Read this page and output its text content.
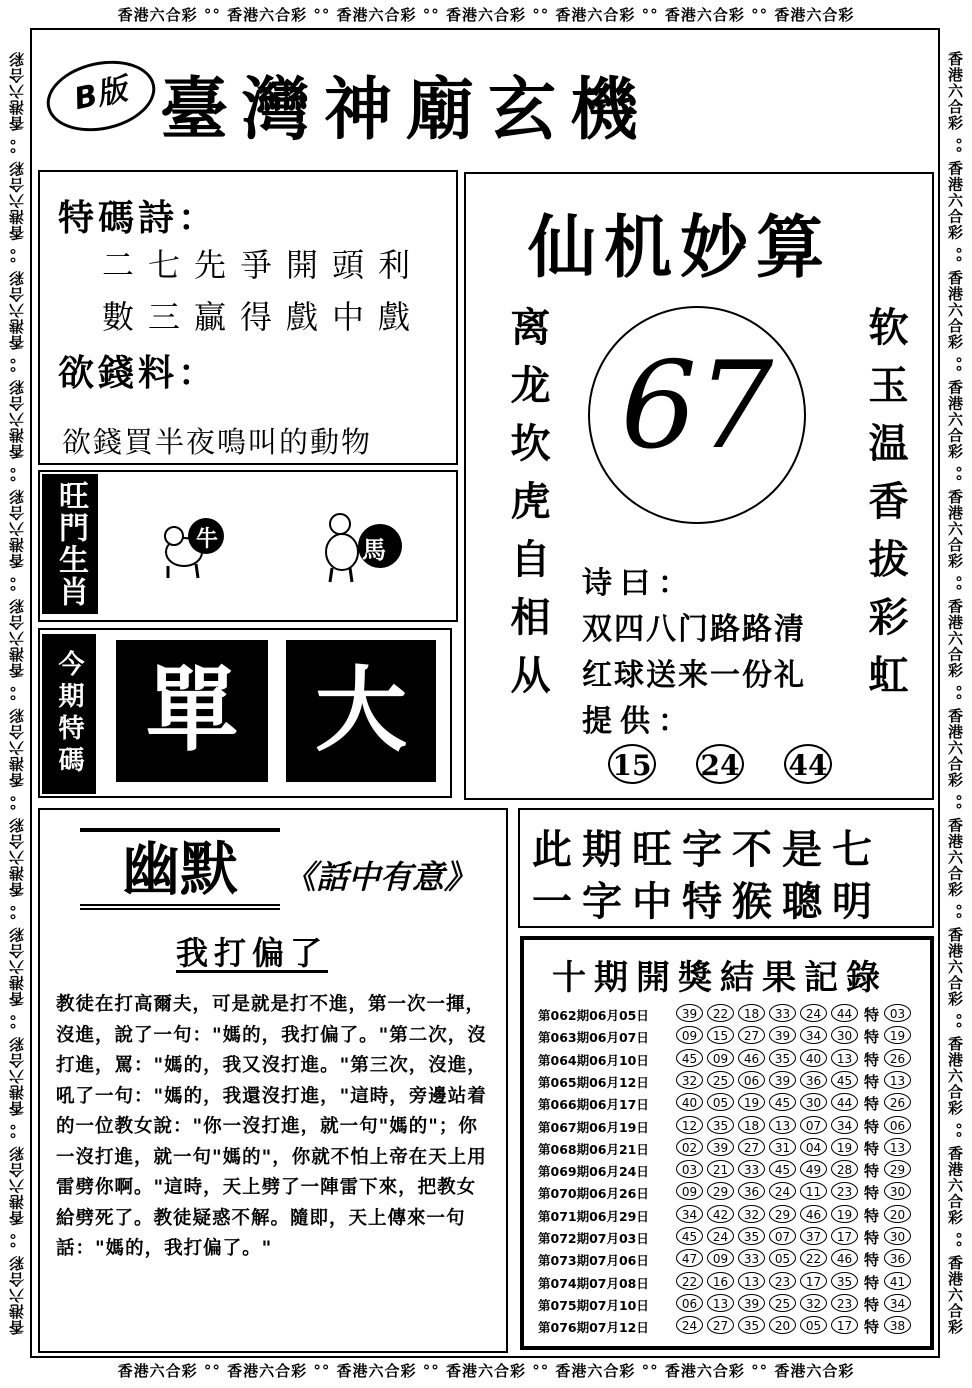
香港六合彩 °° 香港六合彩 °° 香港六合彩 °° 香港六合彩 °° 香港六合彩 °° 香港六合彩 °° 香港六合彩
香港六合彩 °° 香港六合彩 °° 香港六合彩 °° 香港六合彩 °° 香港六合彩 °° 香港六合彩 °° 香港六合彩
香港六合彩 °° 香港六合彩 °° 香港六合彩 °° 香港六合彩 °° 香港六合彩 °° 香港六合彩 °° 香港六合彩 °° 香港六合彩 °° 香港六合彩 °° 香港六合彩 °° 香港六合彩 °° 香港六合彩	香港六合彩 °° 香港六合彩 °° 香港六合彩 °° 香港六合彩 °° 香港六合彩 °° 香港六合彩 °° 香港六合彩 °° 香港六合彩 °° 香港六合彩 °° 香港六合彩 °° 香港六合彩 °° 香港六合彩
B版 臺灣神廟玄機
特碼詩：
二七先爭開頭利
數三贏得戲中戲
欲錢料：
欲錢買半夜鳴叫的動物
旺門生肖	牛	馬
今期特碼 單 大
仙机妙算
离龙坎虎自相从	软玉温香拔彩虹
67
诗曰：
双四八门路路清
红球送来一份礼
提供：
15 24 44
幽默	《話中有意》
我打偏了
教徒在打高爾夫，可是就是打不進，第一次一揮，沒進，說了一句："媽的，我打偏了。"第二次，沒打進，罵："媽的，我又沒打進。"第三次，沒進，吼了一句："媽的，我還沒打進，"這時，旁邊站着的一位教女說："你一沒打進，就一句"媽的"；你一沒打進，就一句"媽的"，你就不怕上帝在天上用雷劈你啊。"這時，天上劈了一陣雷下來，把教女給劈死了。教徒疑惑不解。隨即，天上傳來一句話："媽的，我打偏了。"
此期旺字不是七
一字中特猴聰明
十期開獎結果記錄
第062期06月05日	39	22	18	33	24	44 特 03
第063期06月07日	09	15	27	39	34	30 特 19
第064期06月10日	45	09	46	35	40	13 特 26
第065期06月12日	32	25	06	39	36	45 特 13
第066期06月17日	40	05	19	45	30	44 特 26
第067期06月19日	12	35	18	13	07	34 特 06
第068期06月21日	02	39	27	31	04	19 特 13
第069期06月24日	03	21	33	45	49	28 特 29
第070期06月26日	09	29	36	24	11	23 特 30
第071期06月29日	34	42	32	29	46	19 特 20
第072期07月03日	45	24	35	07	37	17 特 30
第073期07月06日	47	09	33	05	22	46 特 36
第074期07月08日	22	16	13	23	17	35 特 41
第075期07月10日	06	13	39	25	32	23 特 34
第076期07月12日	24	27	35	20	05	17 特 38
